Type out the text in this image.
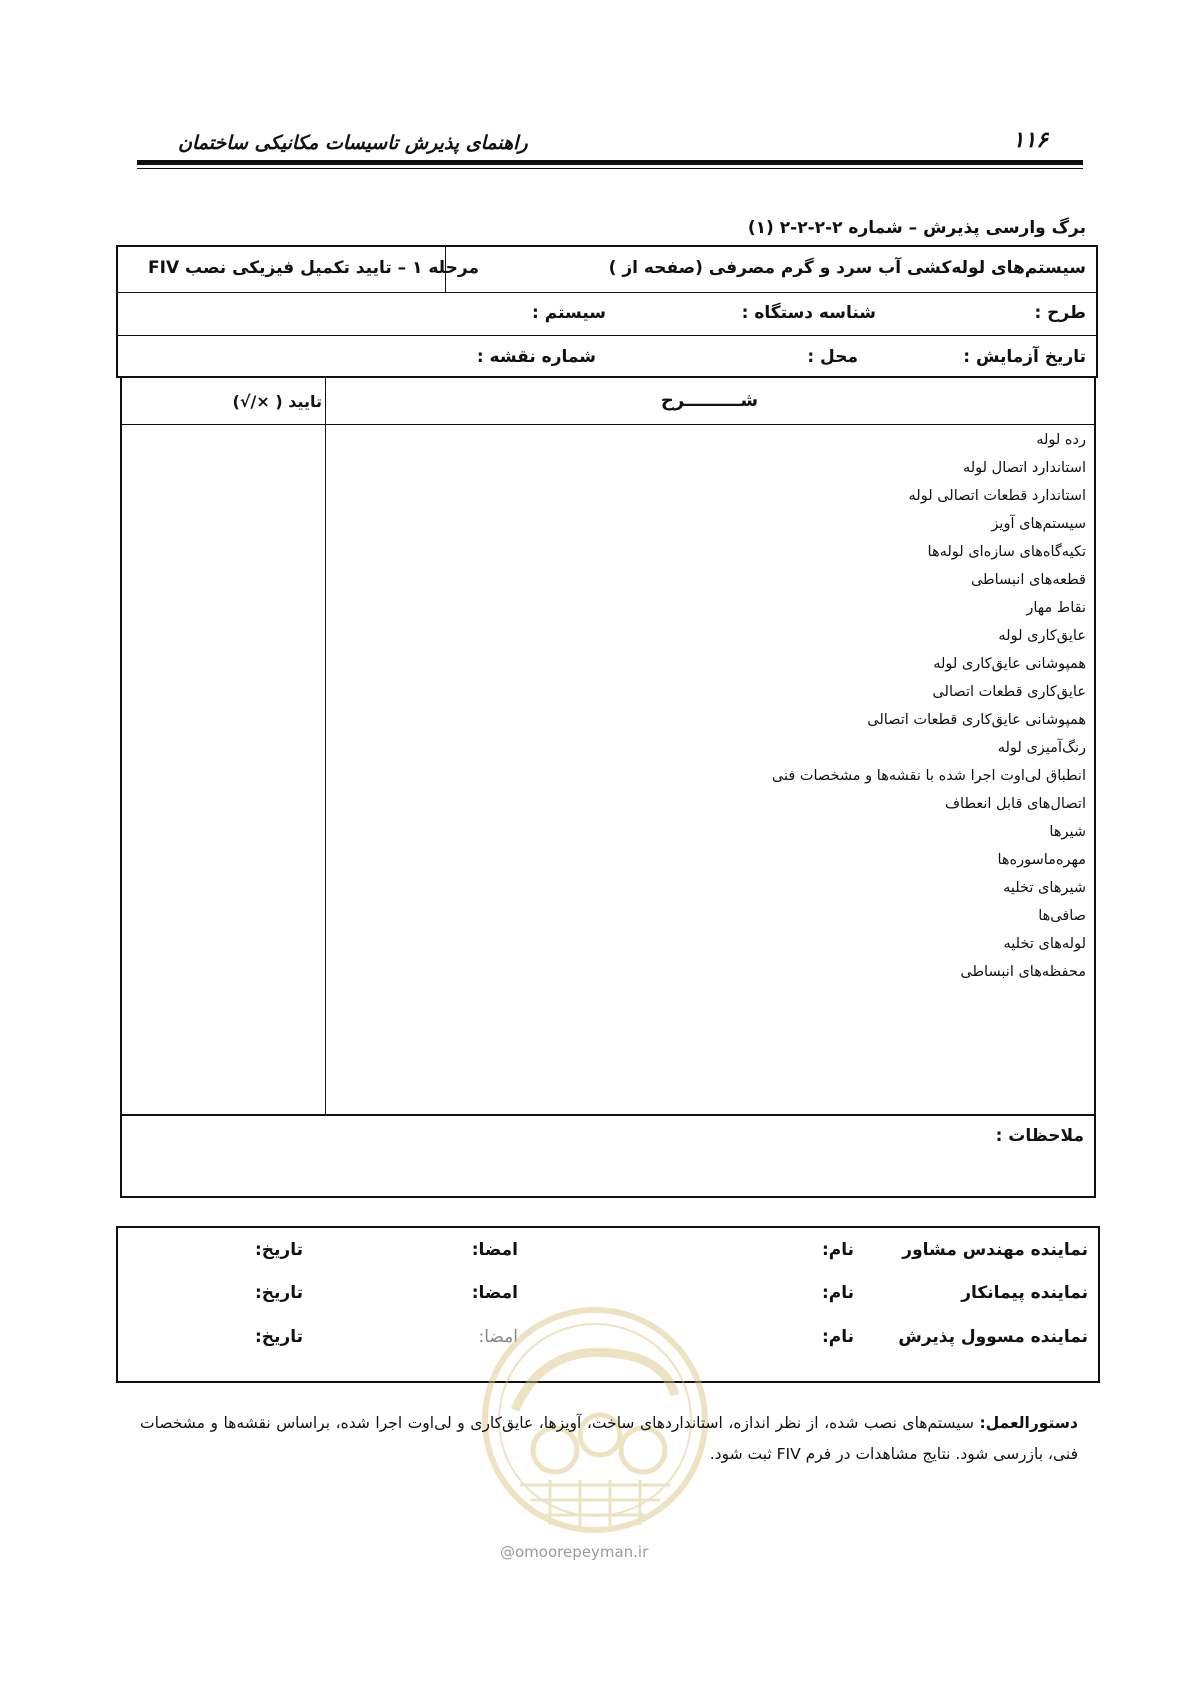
۱۱۶
راهنمای پذیرش تاسیسات مکانیکی ساختمان
برگ وارسی پذیرش – شماره ۲-۲-۲-۲ (۱)
سیستم‌های لوله‌کشی آب سرد و گرم مصرفی (صفحه از )
مرحله ۱ – تایید تکمیل فیزیکی نصب FIV
طرح :
شناسه دستگاه :
سیستم :
تاریخ آزمایش :
محل :
شماره نقشه :
شـــــــــرح
تایید ( ×/√)
رده لوله
استاندارد اتصال لوله
استاندارد قطعات اتصالی لوله
سیستم‌های آویز
تکیه‌گاه‌های سازه‌ای لوله‌ها
قطعه‌های انبساطی
نقاط مهار
عایق‌کاری لوله
همپوشانی عایق‌کاری لوله
عایق‌کاری قطعات اتصالی
همپوشانی عایق‌کاری قطعات اتصالی
رنگ‌آمیزی لوله
انطباق لی‌اوت اجرا شده با نقشه‌ها و مشخصات فنی
اتصال‌های قابل انعطاف
شیرها
مهره‌ماسوره‌ها
شیرهای تخلیه
صافی‌ها
لوله‌های تخلیه
محفظه‌های انبساطی
ملاحظات :
نماینده مهندس مشاور
نام:
امضا:
تاریخ:
نماینده پیمانکار
نام:
امضا:
تاریخ:
نماینده مسوول پذیرش
نام:
امضا:
تاریخ:
@omoorepeyman.ir
دستورالعمل: سیستم‌های نصب شده، از نظر اندازه، استانداردهای ساخت، آویزها، عایق‌کاری و لی‌اوت اجرا شده، براساس نقشه‌ها و مشخصات فنی، بازرسی شود. نتایج مشاهدات در فرم FIV ثبت شود.
